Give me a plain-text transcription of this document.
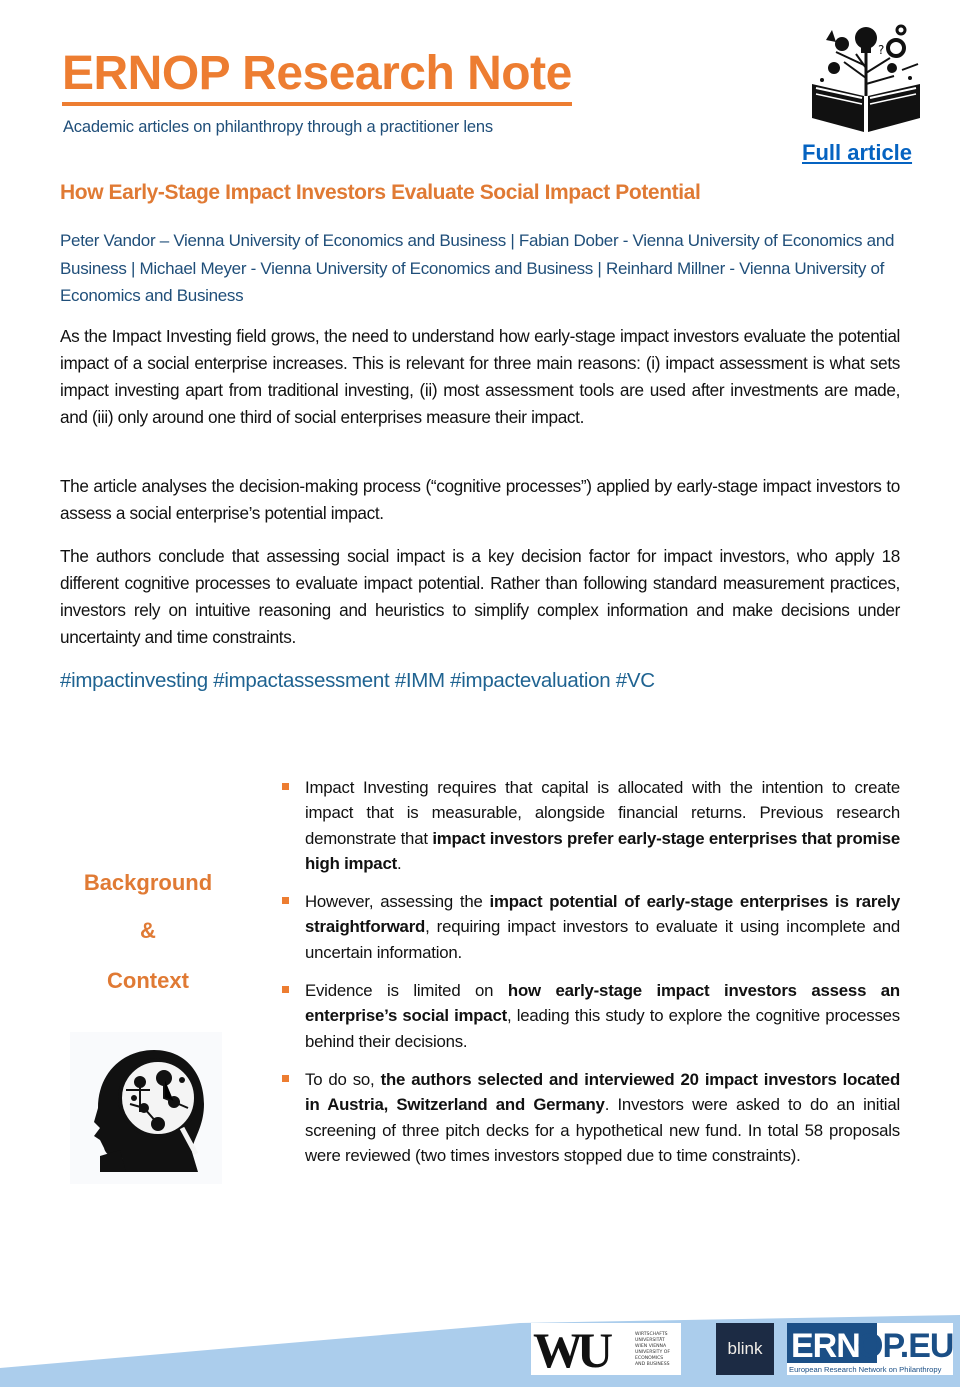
ERNOP Research Note
Academic articles on philanthropy through a practitioner lens
?
Full article
How Early-Stage Impact Investors Evaluate Social Impact Potential
Peter Vandor – Vienna University of Economics and Business | Fabian Dober - Vienna University of Economics and Business | Michael Meyer - Vienna University of Economics and Business | Reinhard Millner - Vienna University of Economics and Business

As the Impact Investing field grows, the need to understand how early-stage impact investors evaluate the potential impact of a social enterprise increases. This is relevant for three main reasons: (i) impact assessment is what sets impact investing apart from traditional investing, (ii) most assessment tools are used after investments are made, and (iii) only around one third of social enterprises measure their impact.

The article analyses the decision-making process (“cognitive processes”) applied by early-stage impact investors to assess a social enterprise’s potential impact.

The authors conclude that assessing social impact is a key decision factor for impact investors, who apply 18 different cognitive processes to evaluate impact potential. Rather than following standard measurement practices, investors rely on intuitive reasoning and heuristics to simplify complex information and make decisions under uncertainty and time constraints.

#impactinvesting #impactassessment #IMM #impactevaluation #VC
Background
&
Context
Impact Investing requires that capital is allocated with the intention to create impact that is measurable, alongside financial returns. Previous research demonstrate that impact investors prefer early-stage enterprises that promise high impact.
However, assessing the impact potential of early-stage enterprises is rarely straightforward, requiring impact investors to evaluate it using incomplete and uncertain information.
Evidence is limited on how early-stage impact investors assess an enterprise’s social impact, leading this study to explore the cognitive processes behind their decisions.
To do so, the authors selected and interviewed 20 impact investors located in Austria, Switzerland and Germany. Investors were asked to do an initial screening of three pitch decks for a hypothetical new fund. In total 58 proposals were reviewed (two times investors stopped due to time constraints).
WU	WIRTSCHAFTS
UNIVERSITÄT
WIEN VIENNA
UNIVERSITY OF
ECONOMICS
AND BUSINESS
blink ERN
OP.EU
European Research Network on Philanthropy
